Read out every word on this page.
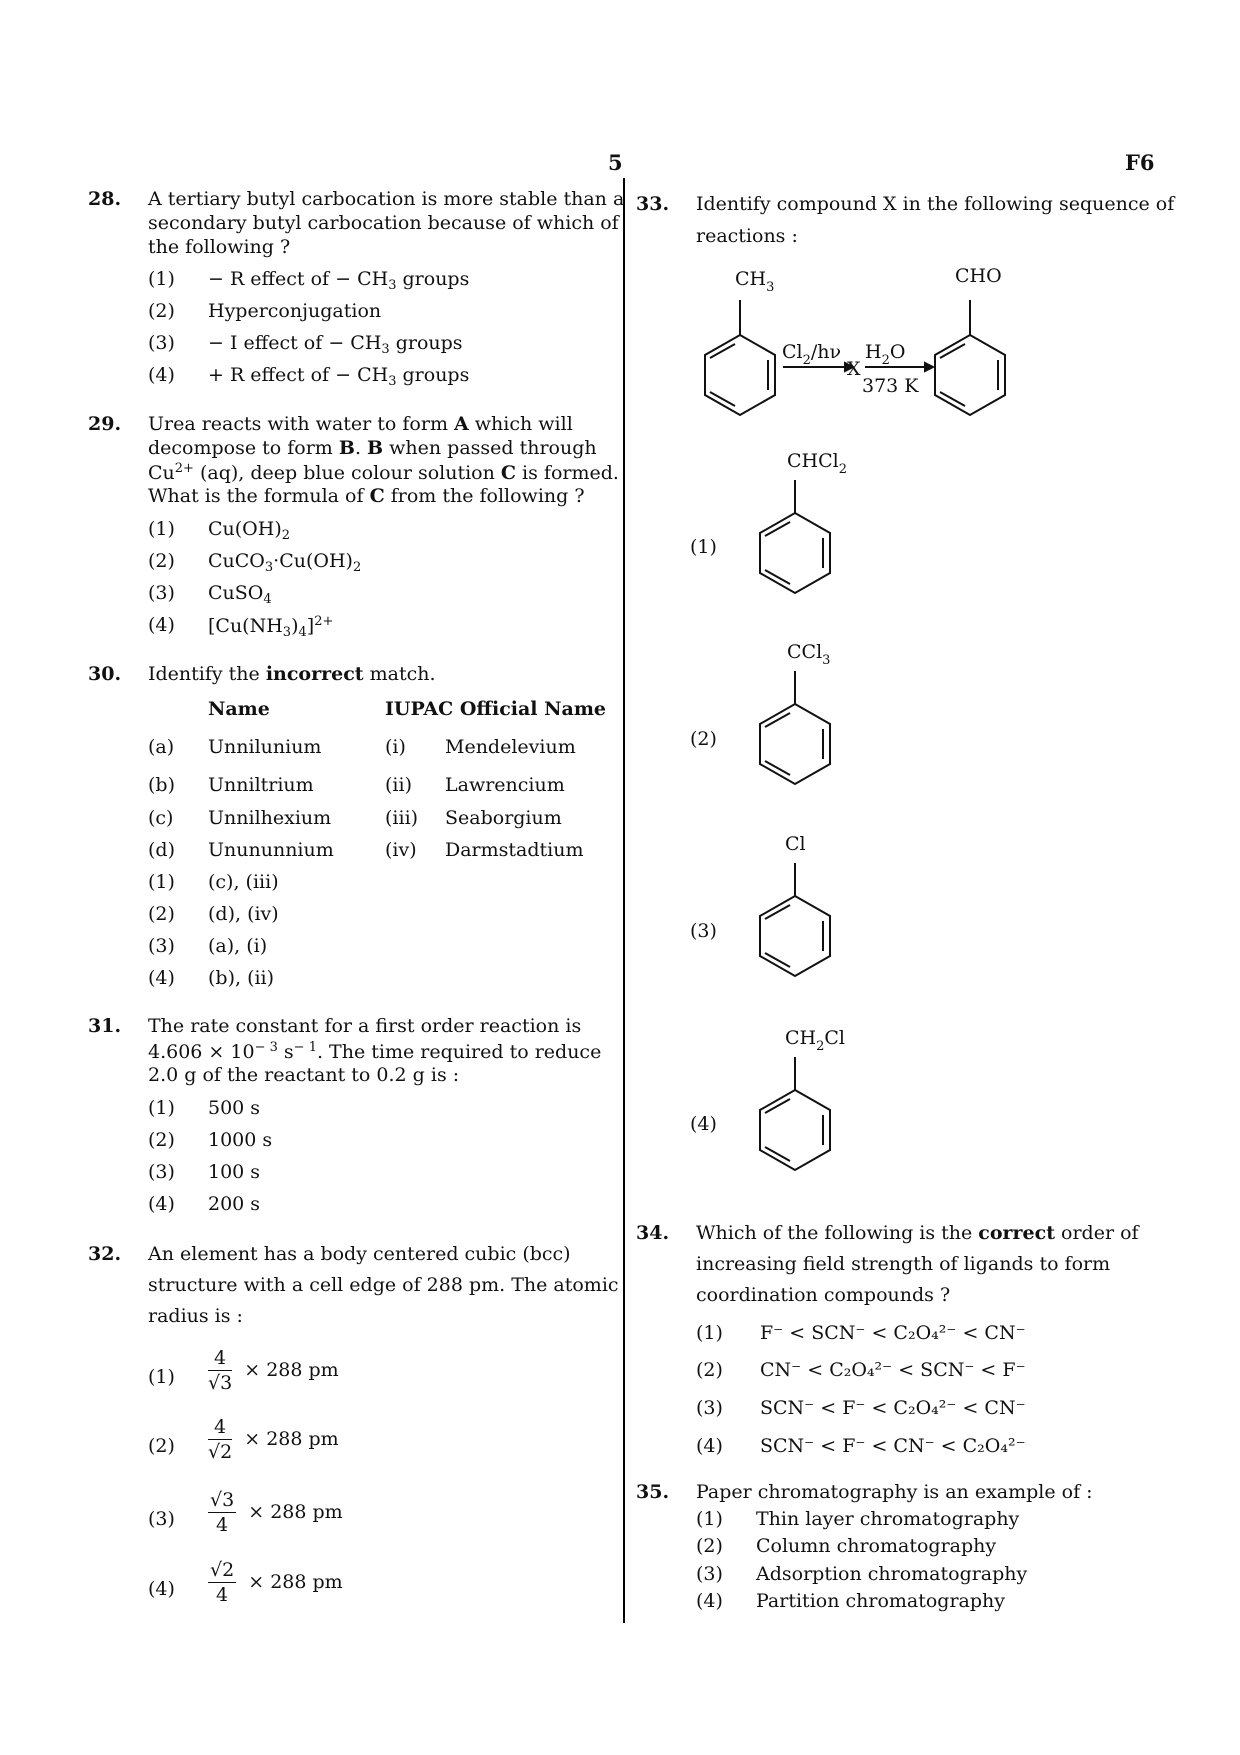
5	F6
28. A tertiary butyl carbocation is more stable than a
secondary butyl carbocation because of which of
the following ?
(1) − R effect of − $CH_3$ groups
(2) Hyperconjugation
(3) − I effect of − $CH_3$ groups
(4) + R effect of − $CH_3$ groups
29. Urea reacts with water to form A which will
decompose to form B. B when passed through
$Cu^{2+}$ (aq), deep blue colour solution C is formed.
What is the formula of C from the following ?
(1) $Cu(OH)_2$
(2) $CuCO_3\cdot Cu(OH)_2$
(3) CuSO$_4$
(4) $[Cu(NH_3)_4]^{2+}$
30. Identify the incorrect match.
Name	IUPAC Official Name
(a) Unnilunium	(i) Mendelevium
(b) Unniltrium	(ii) Lawrencium
(c) Unnilhexium	(iii) Seaborgium
(d) Unununnium	(iv) Darmstadtium
(1) (c), (iii)
(2) (d), (iv)
(3) (a), (i)
(4) (b), (ii)
31. The rate constant for a first order reaction is
$4.606 \times 10^{- 3}$ $s^{- 1}$. The time required to reduce
2.0 g of the reactant to 0.2 g is :
(1) 500 s
(2) 1000 s
(3) 100 s
(4) 200 s
32. An element has a body centered cubic (bcc)
structure with a cell edge of 288 pm. The atomic
radius is :
$(1) \frac{4}{√3} \times 288$ pm
$(2) \frac{4}{√2} \times 288$ pm
$(3) \frac{√3}{4} \times 288$ pm
$(4) \frac{√2}{4} \times 288$ pm
33. Identify compound X in the following sequence of
reactions :
$CH_3$
$Cl_2/h\nu$
X
$H_2O$
373 K
CHO
(1)
CHCl$_2$
(2)
CCl$_3$
(3)
Cl
(4)
$CH_2Cl$
34. Which of the following is the correct order of
increasing field strength of ligands to form
coordination compounds ?
(1) F⁻ < SCN⁻ < C₂O₄²⁻ < CN⁻
(2) CN⁻ < C₂O₄²⁻ < SCN⁻ < F⁻
(3) SCN⁻ < F⁻ < C₂O₄²⁻ < CN⁻
(4) SCN⁻ < F⁻ < CN⁻ < C₂O₄²⁻
35. Paper chromatography is an example of :
(1) Thin layer chromatography
(2) Column chromatography
(3) Adsorption chromatography
(4) Partition chromatography
